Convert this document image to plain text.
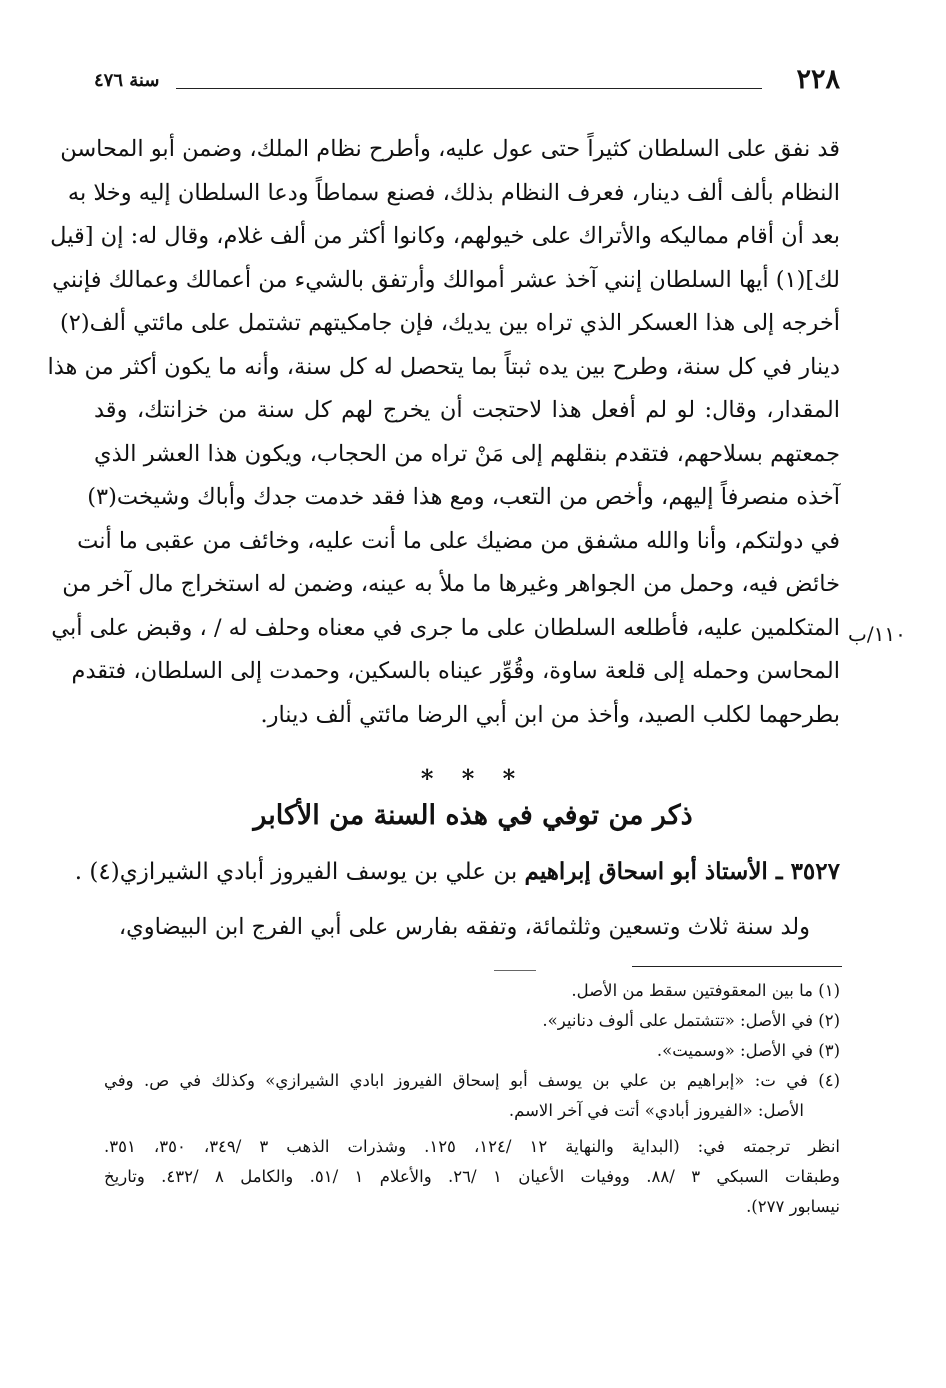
٢٢٨
سنة ٤٧٦
قد نفق على السلطان كثيراً حتى عول عليه، وأطرح نظام الملك، وضمن أبو المحاسن
النظام بألف ألف دينار، فعرف النظام بذلك، فصنع سماطاً ودعا السلطان إليه وخلا به
بعد أن أقام مماليكه والأتراك على خيولهم، وكانوا أكثر من ألف غلام، وقال له: إن [قيل
لك](١) أيها السلطان إنني آخذ عشر أموالك وأرتفق بالشيء من أعمالك وعمالك فإنني
أخرجه إلى هذا العسكر الذي تراه بين يديك، فإن جامكيتهم تشتمل على مائتي ألف(٢)
دينار في كل سنة، وطرح بين يده ثبتاً بما يتحصل له كل سنة، وأنه ما يكون أكثر من هذا
المقدار، وقال: لو لم أفعل هذا لاحتجت أن يخرج لهم كل سنة من خزانتك، وقد
جمعتهم بسلاحهم، فتقدم بنقلهم إلى مَنْ تراه من الحجاب، ويكون هذا العشر الذي
آخذه منصرفاً إليهم، وأخص من التعب، ومع هذا فقد خدمت جدك وأباك وشيخت(٣)
في دولتكم، وأنا والله مشفق من مضيك على ما أنت عليه، وخائف من عقبى ما أنت
خائض فيه، وحمل من الجواهر وغيرها ما ملأ به عينه، وضمن له استخراج مال آخر من
المتكلمين عليه، فأطلعه السلطان على ما جرى في معناه وحلف له / ، وقبض على أبي
المحاسن وحمله إلى قلعة ساوة، وقُوِّر عيناه بالسكين، وحمدت إلى السلطان، فتقدم
بطرحهما لكلب الصيد، وأخذ من ابن أبي الرضا مائتي ألف دينار.
١١٠/ب
* * *
ذكر من توفي في هذه السنة من الأكابر
٣٥٢٧ ـ الأستاذ أبو اسحاق إبراهيم بن علي بن يوسف الفيروز أبادي الشيرازي(٤) .
ولد سنة ثلاث وتسعين وثلثمائة، وتفقه بفارس على أبي الفرج ابن البيضاوي،
(١) ما بين المعقوفتين سقط من الأصل.
(٢) في الأصل: «تتشتمل على ألوف دنانير».
(٣) في الأصل: «وسميت».
(٤) في ت: «إبراهيم بن علي بن يوسف أبو إسحاق الفيروز ابادي الشيرازي» وكذلك في ص. وفي
الأصل: «الفيروز أبادي» أتت في آخر الاسم.
انظر ترجمته في: (البداية والنهاية ١٢ /١٢٤، ١٢٥. وشذرات الذهب ٣ /٣٤٩، ٣٥٠، ٣٥١.
وطبقات السبكي ٣ /٨٨. ووفيات الأعيان ١ /٢٦. والأعلام ١ /٥١. والكامل ٨ /٤٣٢. وتاريخ
نيسابور ٢٧٧).
